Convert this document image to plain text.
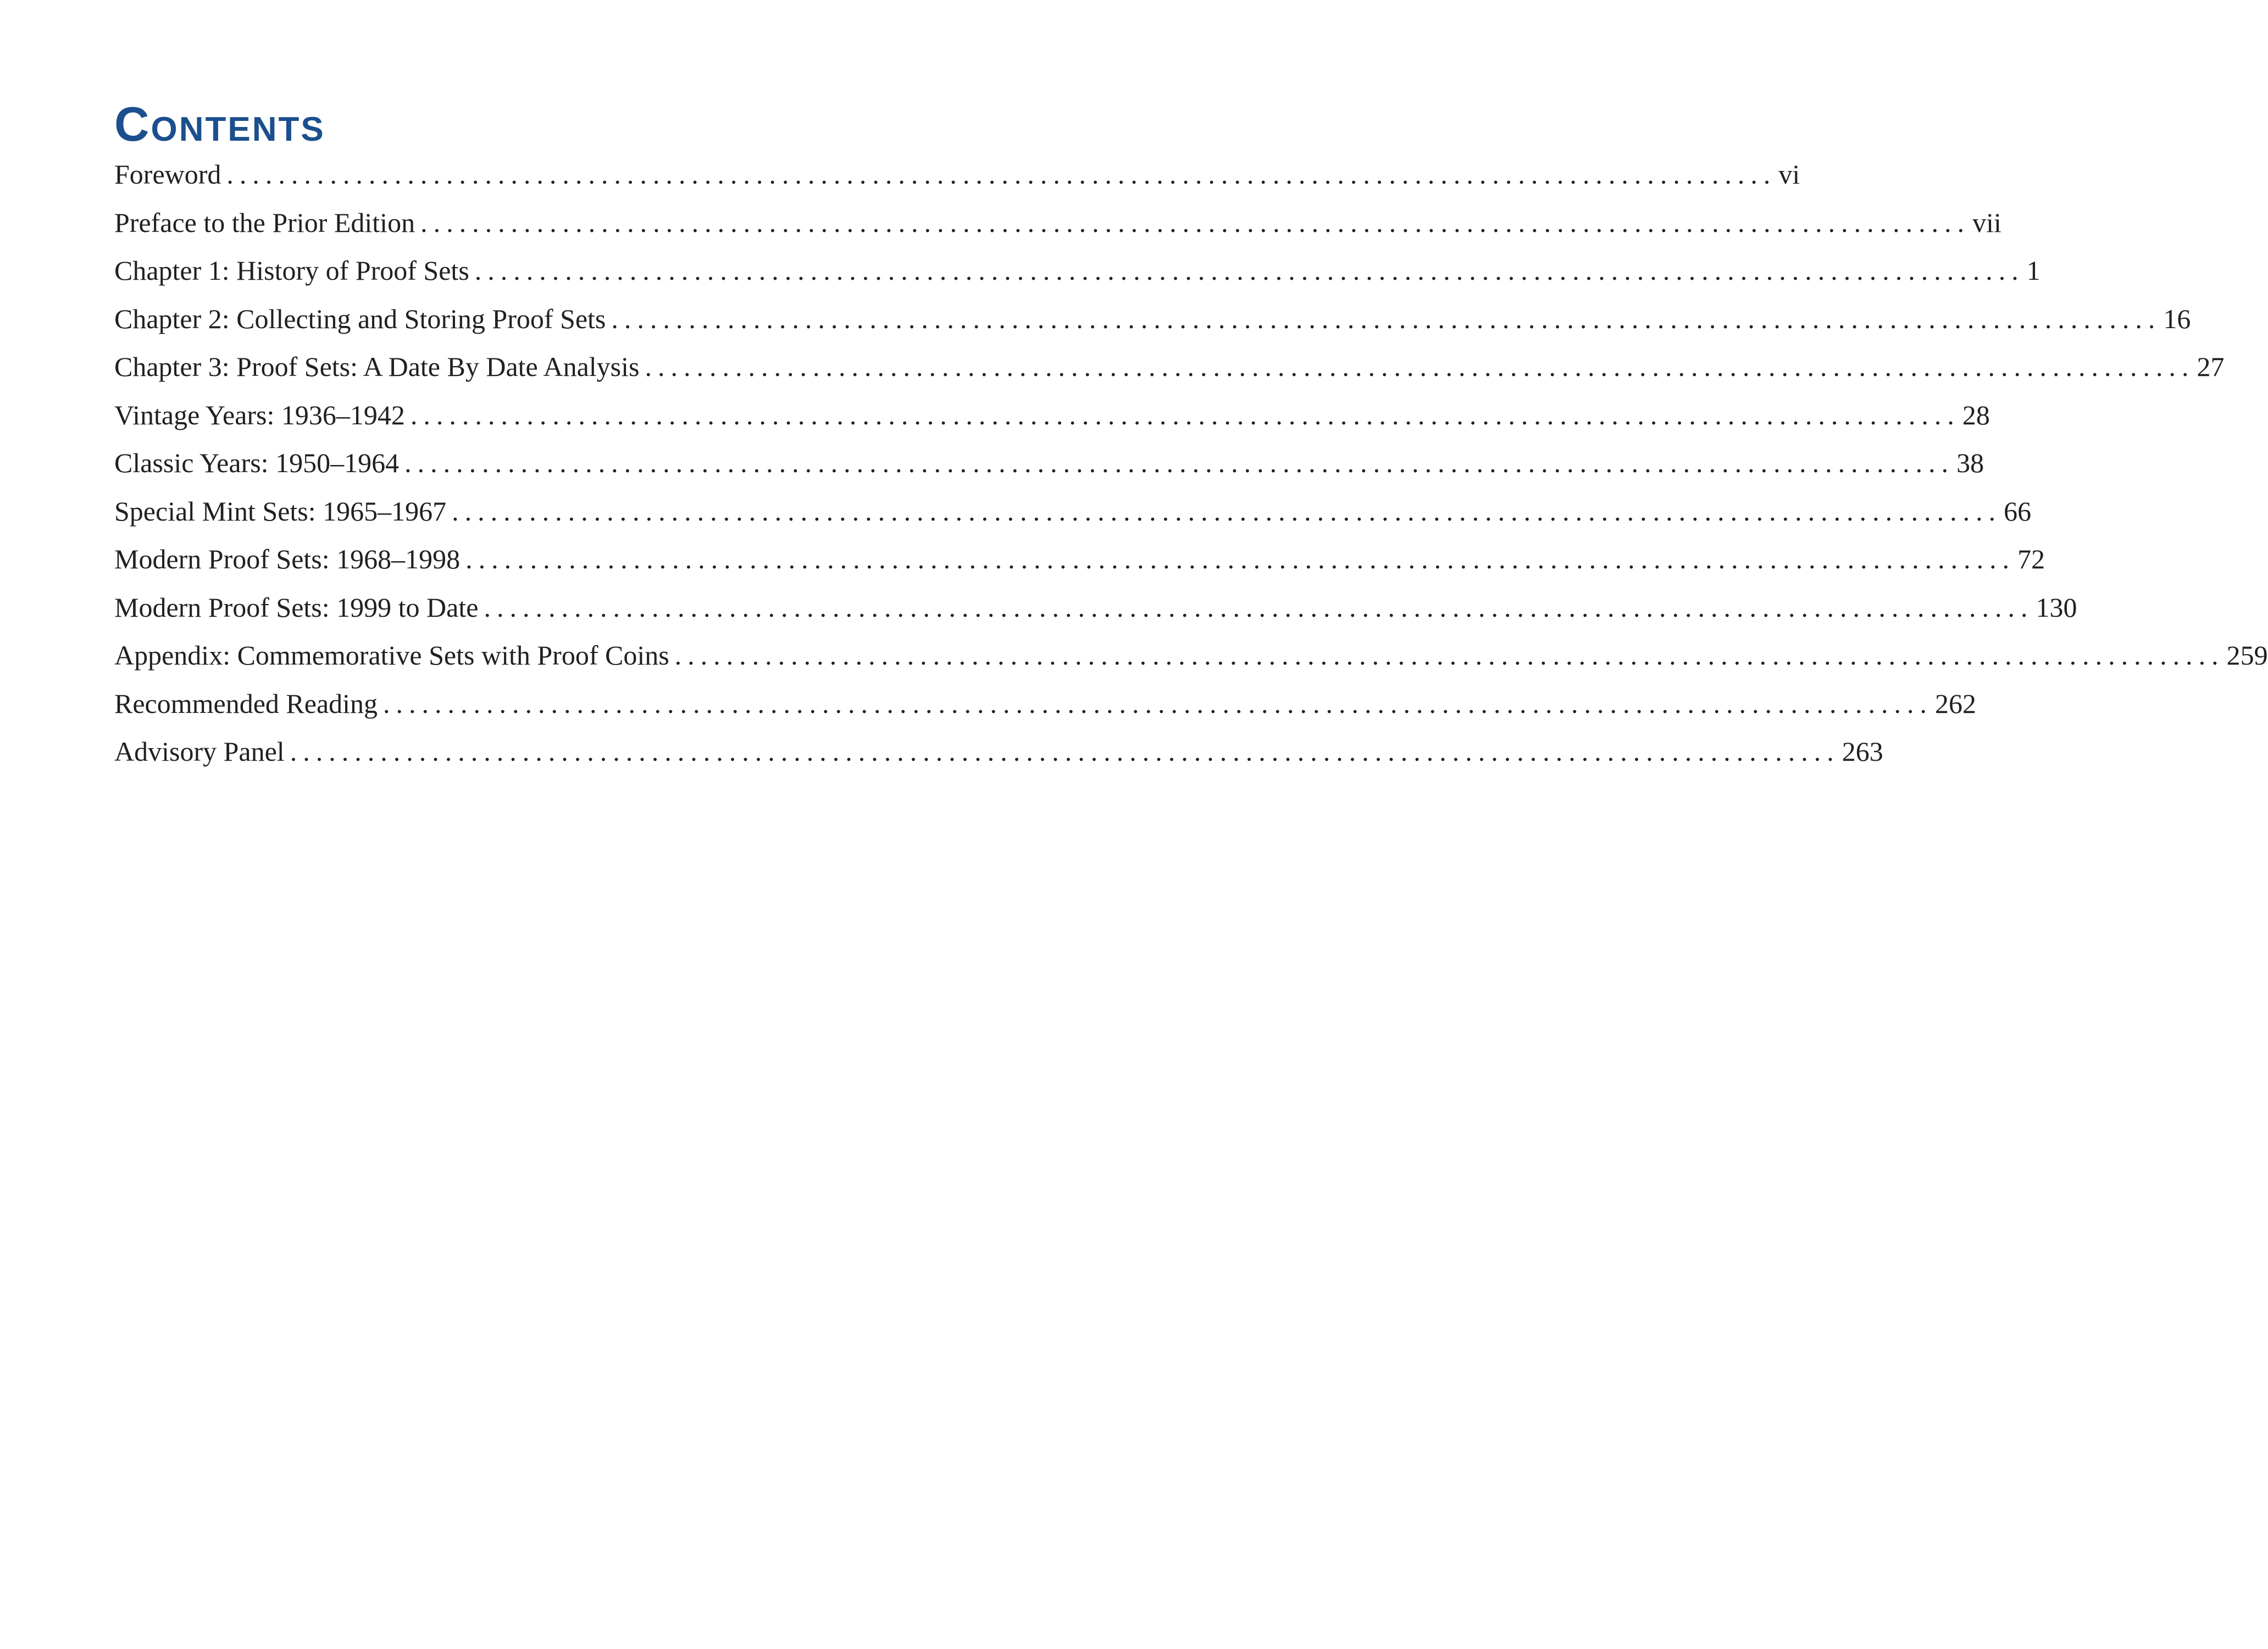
Contents
Foreword ........................................................................................................................ vi
Preface to the Prior Edition ........................................................................................................................ vii
Chapter 1: History of Proof Sets ........................................................................................................................ 1
Chapter 2: Collecting and Storing Proof Sets ........................................................................................................................ 16
Chapter 3: Proof Sets: A Date By Date Analysis ........................................................................................................................ 27
Vintage Years: 1936–1942 ........................................................................................................................ 28
Classic Years: 1950–1964 ........................................................................................................................ 38
Special Mint Sets: 1965–1967 ........................................................................................................................ 66
Modern Proof Sets: 1968–1998 ........................................................................................................................ 72
Modern Proof Sets: 1999 to Date ........................................................................................................................ 130
Appendix: Commemorative Sets with Proof Coins ........................................................................................................................ 259
Recommended Reading ........................................................................................................................ 262
Advisory Panel ........................................................................................................................ 263
